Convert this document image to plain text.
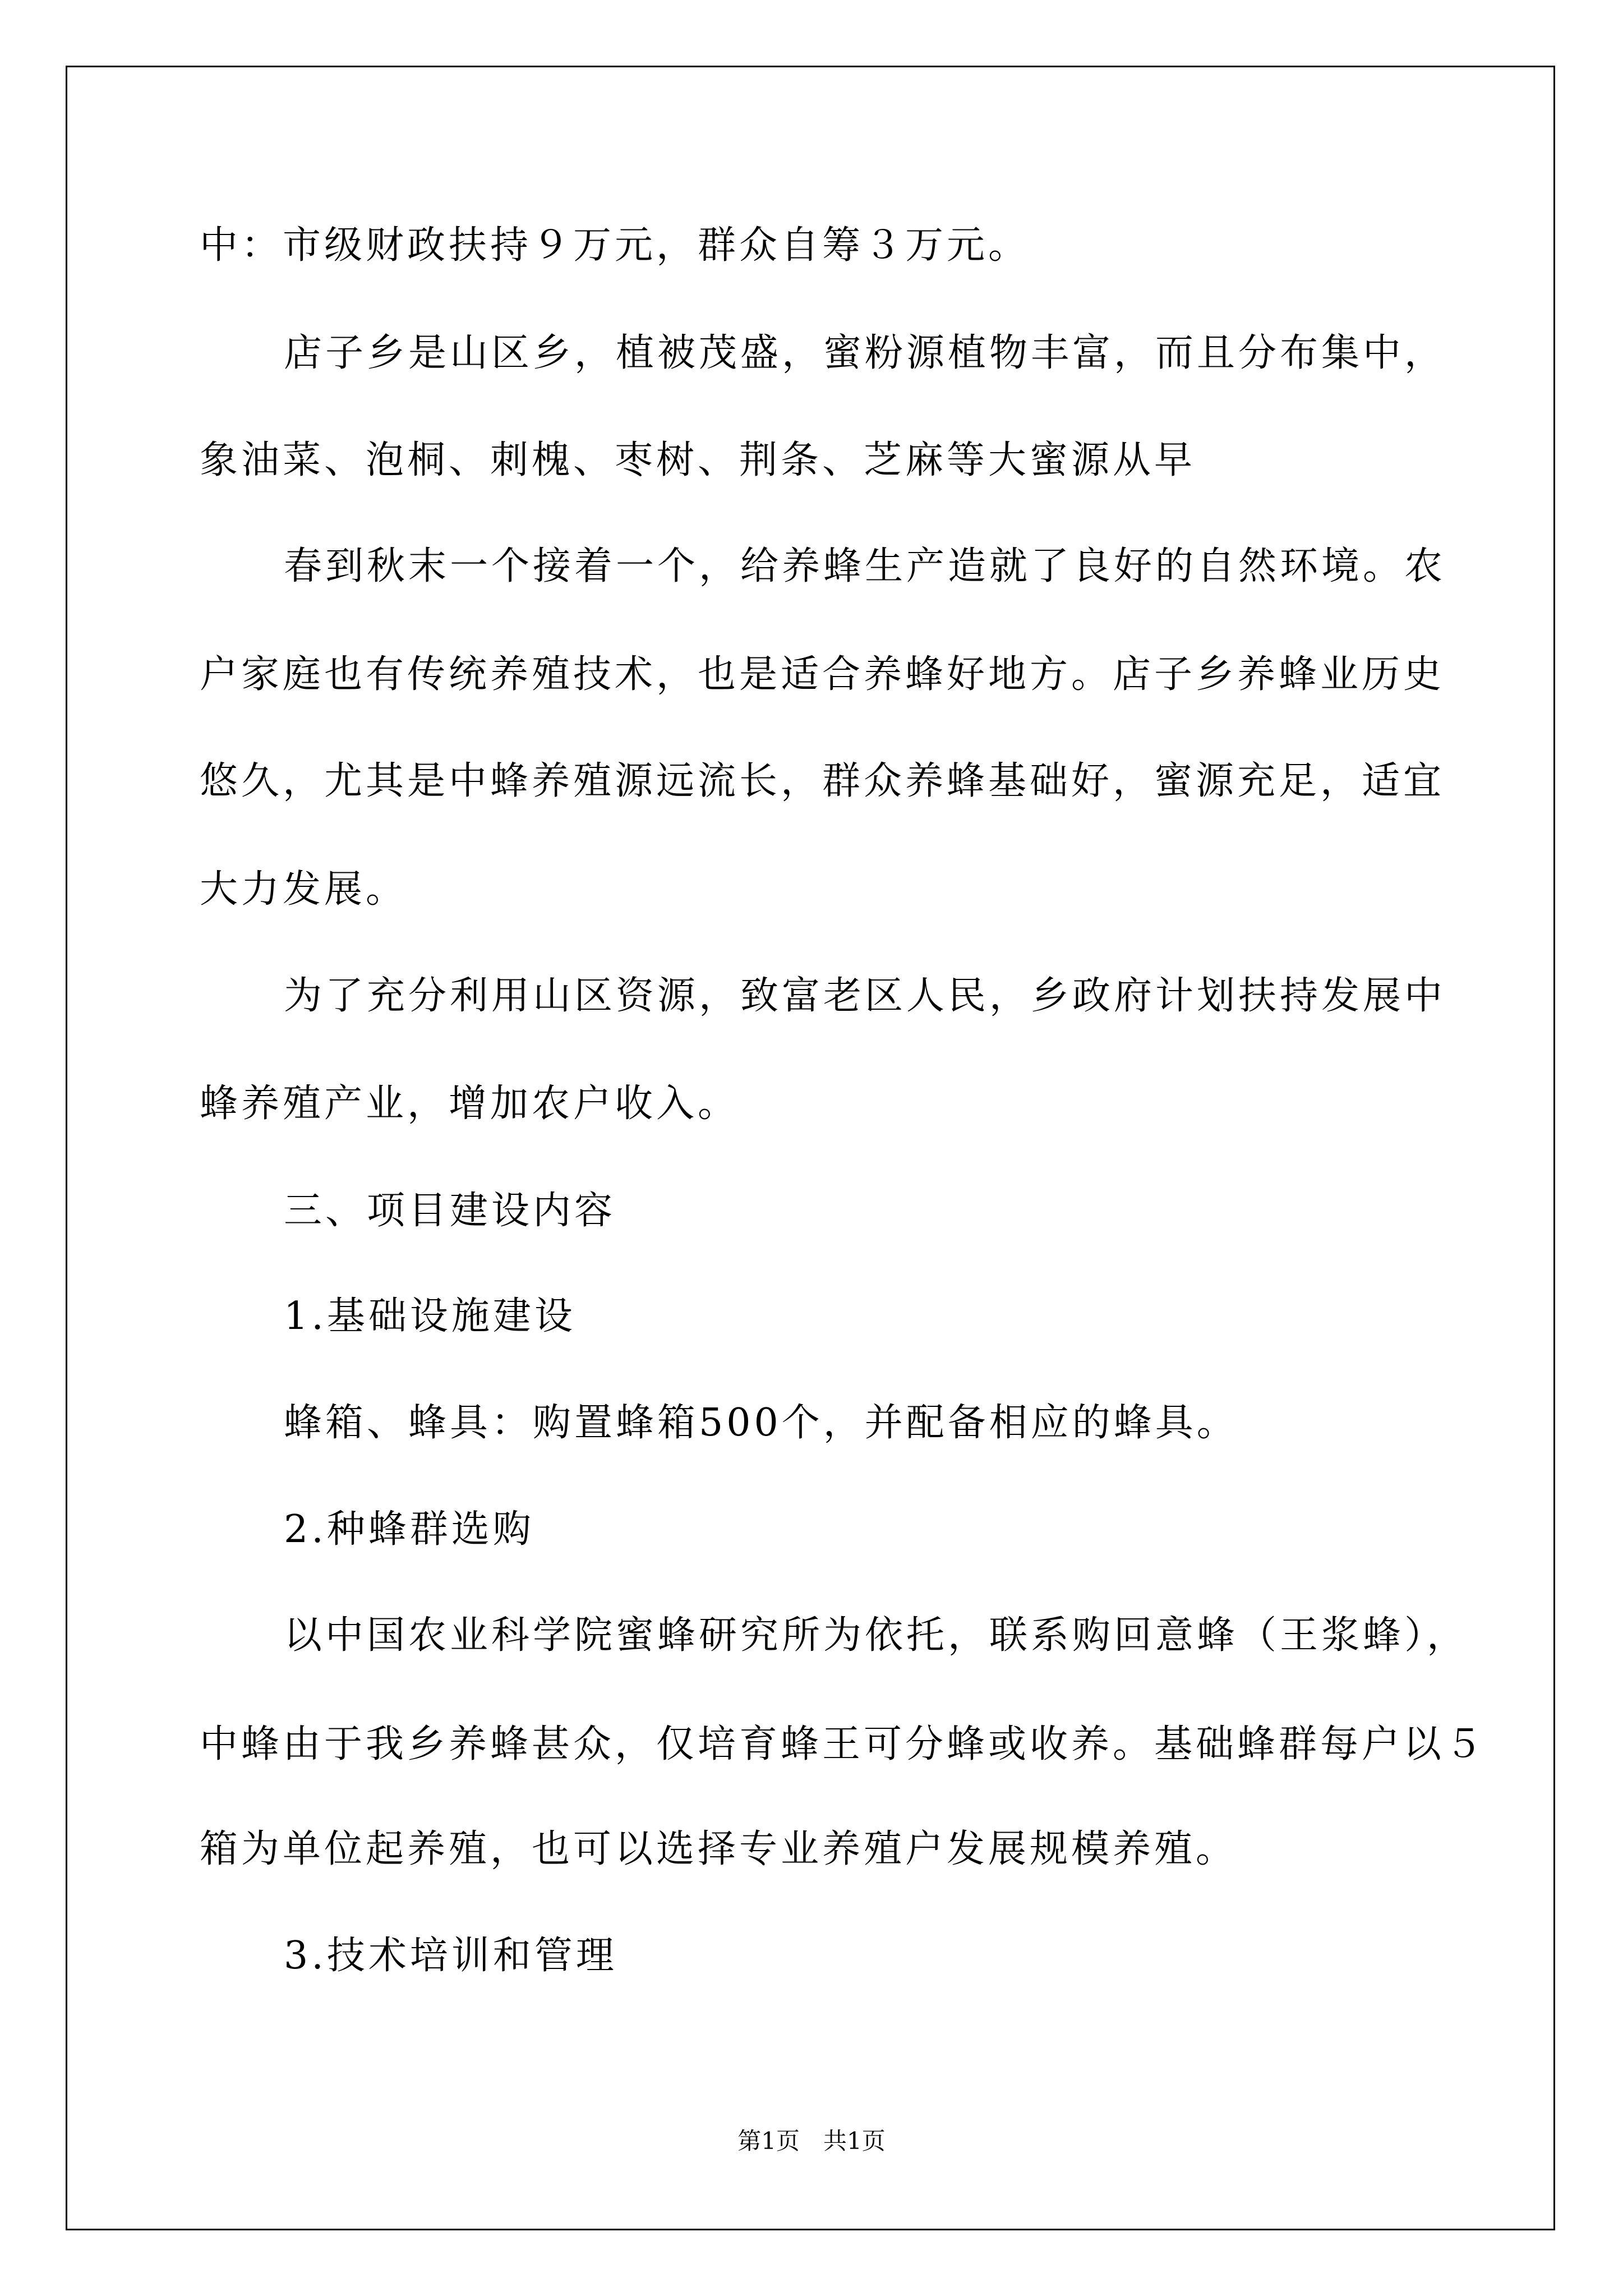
中：市级财政扶持９万元，群众自筹３万元。
店子乡是山区乡，植被茂盛，蜜粉源植物丰富，而且分布集中，
象油菜、泡桐、刺槐、枣树、荆条、芝麻等大蜜源从早
春到秋末一个接着一个，给养蜂生产造就了良好的自然环境。农
户家庭也有传统养殖技术，也是适合养蜂好地方。店子乡养蜂业历史
悠久，尤其是中蜂养殖源远流长，群众养蜂基础好，蜜源充足，适宜
大力发展。
为了充分利用山区资源，致富老区人民，乡政府计划扶持发展中
蜂养殖产业，增加农户收入。
三、项目建设内容
1.基础设施建设
蜂箱、蜂具：购置蜂箱500个，并配备相应的蜂具。
2.种蜂群选购
以中国农业科学院蜜蜂研究所为依托，联系购回意蜂（王浆蜂），
中蜂由于我乡养蜂甚众，仅培育蜂王可分蜂或收养。基础蜂群每户以５
箱为单位起养殖，也可以选择专业养殖户发展规模养殖。
3.技术培训和管理
第1页　共1页
